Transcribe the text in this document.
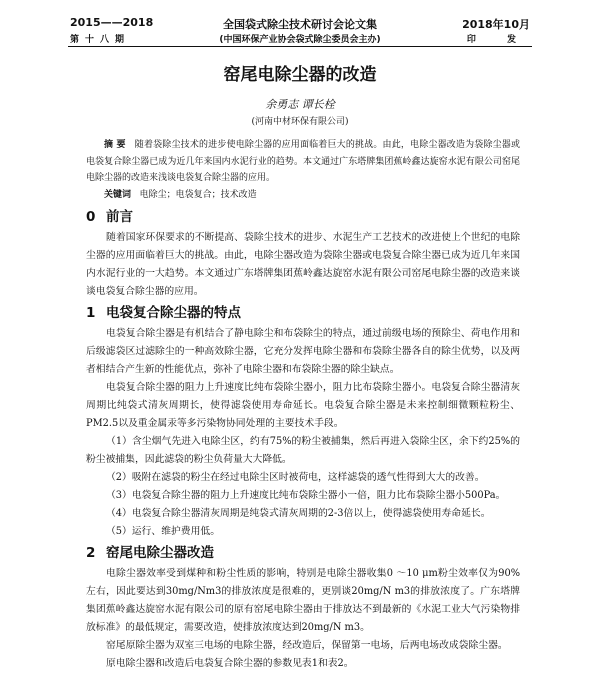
2015——2018
第十八期
全国袋式除尘技术研讨会论文集
(中国环保产业协会袋式除尘委员会主办)
2018年10月
印 发
窑尾电除尘器的改造
余勇志 谭长栓
(河南中材环保有限公司)
摘 要 随着袋除尘技术的进步使电除尘器的应用面临着巨大的挑战。由此，电除尘器改造为袋除尘器或电袋复合除尘器已成为近几年来国内水泥行业的趋势。本文通过广东塔牌集团蕉岭鑫达旋窑水泥有限公司窑尾电除尘器的改造来浅谈电袋复合除尘器的应用。
关键词 电除尘；电袋复合；技术改造
0 前言
随着国家环保要求的不断提高、袋除尘技术的进步、水泥生产工艺技术的改进使上个世纪的电除尘器的应用面临着巨大的挑战。由此，电除尘器改造为袋除尘器或电袋复合除尘器已成为近几年来国内水泥行业的一大趋势。本文通过广东塔牌集团蕉岭鑫达旋窑水泥有限公司窑尾电除尘器的改造来谈谈电袋复合除尘器的应用。
1 电袋复合除尘器的特点
电袋复合除尘器是有机结合了静电除尘和布袋除尘的特点，通过前级电场的预除尘、荷电作用和后级滤袋区过滤除尘的一种高效除尘器，它充分发挥电除尘器和布袋除尘器各自的除尘优势，以及两者相结合产生新的性能优点，弥补了电除尘器和布袋除尘器的除尘缺点。
电袋复合除尘器的阻力上升速度比纯布袋除尘器小，阻力比布袋除尘器小。电袋复合除尘器清灰周期比纯袋式清灰周期长，使得滤袋使用寿命延长。电袋复合除尘器是未来控制细微颗粒粉尘、PM2.5以及重金属汞等多污染物协同处理的主要技术手段。
（1）含尘烟气先进入电除尘区，约有75%的粉尘被捕集，然后再进入袋除尘区，余下约25%的粉尘被捕集，因此滤袋的粉尘负荷量大大降低。
（2）吸附在滤袋的粉尘在经过电除尘区时被荷电，这样滤袋的透气性得到大大的改善。
（3）电袋复合除尘器的阻力上升速度比纯布袋除尘器小一倍，阻力比布袋除尘器小500Pa。
（4）电袋复合除尘器清灰周期是纯袋式清灰周期的2-3倍以上，使得滤袋使用寿命延长。
（5）运行、维护费用低。
2 窑尾电除尘器改造
电除尘器效率受到煤种和粉尘性质的影响，特别是电除尘器收集0 ～10 μm粉尘效率仅为90%左右，因此要达到30mg/Nm3的排放浓度是很难的，更别谈20mg/N m3的排放浓度了。广东塔牌集团蕉岭鑫达旋窑水泥有限公司的原有窑尾电除尘器由于排放达不到最新的《水泥工业大气污染物排放标准》的最低规定，需要改造，使排放浓度达到20mg/N m3。
窑尾原除尘器为双室三电场的电除尘器，经改造后，保留第一电场，后两电场改成袋除尘器。
原电除尘器和改造后电袋复合除尘器的参数见表1和表2。
